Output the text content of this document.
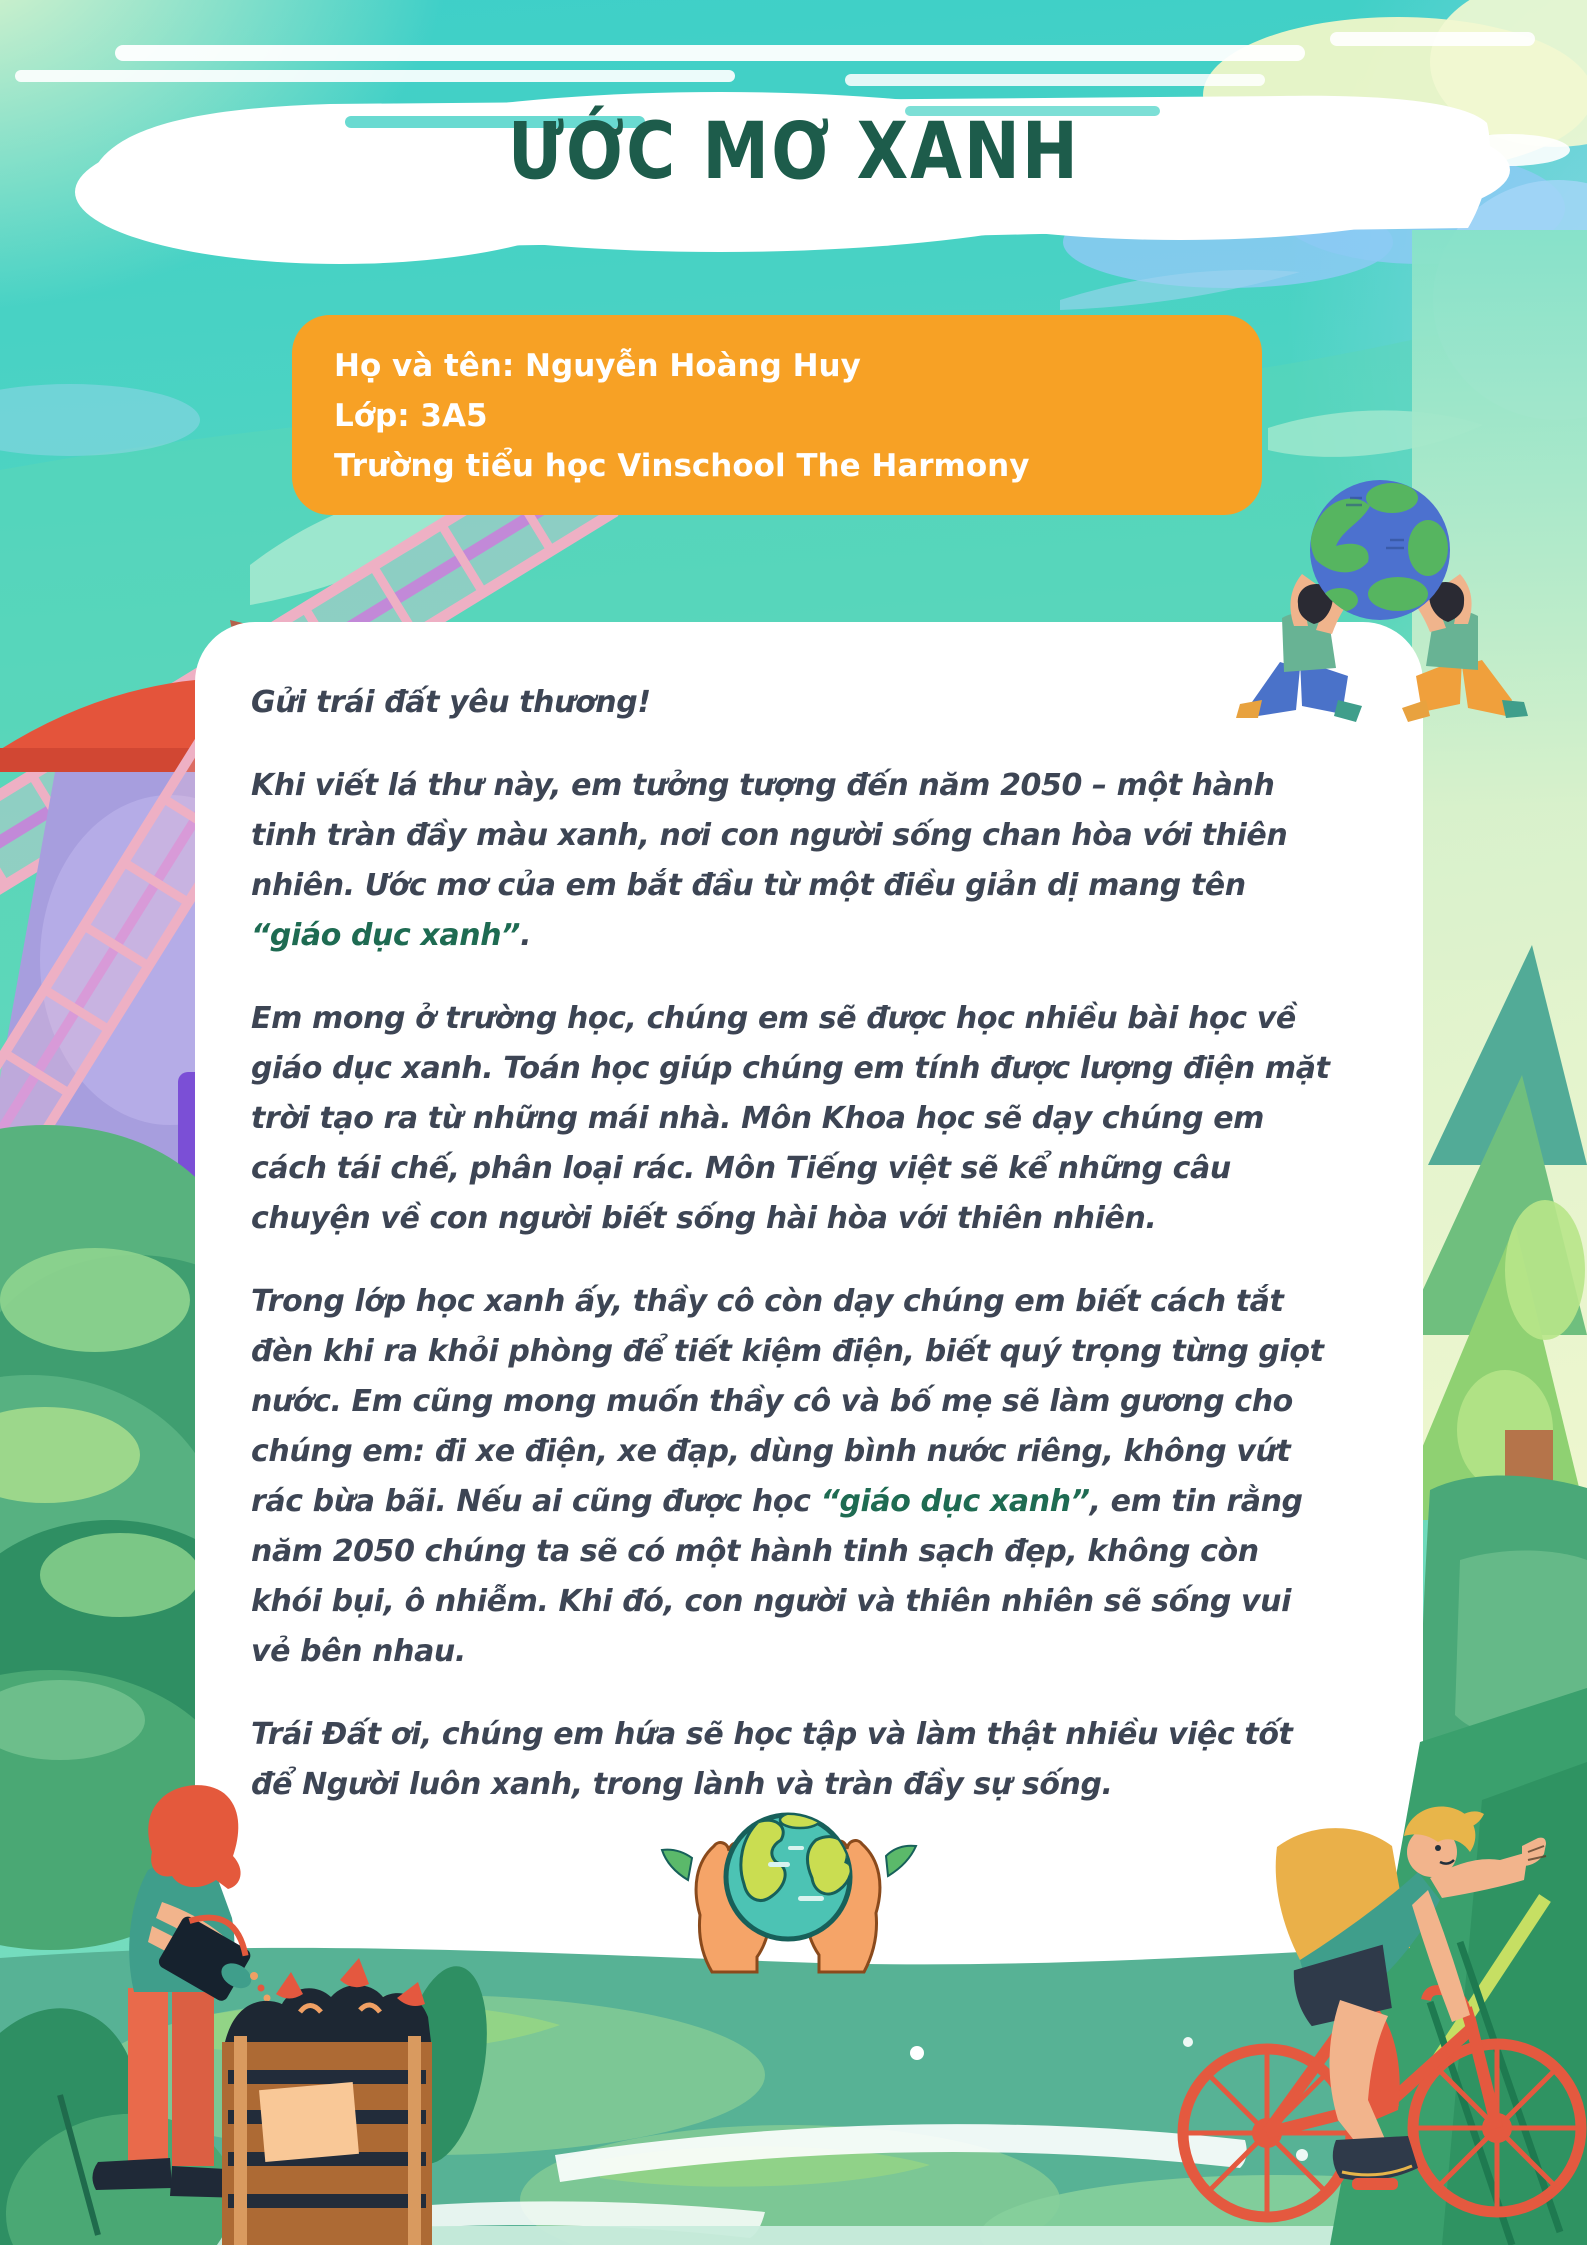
ƯỚC MƠ XANH
Họ và tên: Nguyễn Hoàng Huy
Lớp: 3A5
Trường tiểu học Vinschool The Harmony

Gửi trái đất yêu thương!

Khi viết lá thư này, em tưởng tượng đến năm 2050 – một hành tinh tràn đầy màu xanh, nơi con người sống chan hòa với thiên nhiên. Ước mơ của em bắt đầu từ một điều giản dị mang tên “giáo dục xanh”.

Em mong ở trường học, chúng em sẽ được học nhiều bài học về giáo dục xanh. Toán học giúp chúng em tính được lượng điện mặt trời tạo ra từ những mái nhà. Môn Khoa học sẽ dạy chúng em cách tái chế, phân loại rác. Môn Tiếng việt sẽ kể những câu chuyện về con người biết sống hài hòa với thiên nhiên.

Trong lớp học xanh ấy, thầy cô còn dạy chúng em biết cách tắt đèn khi ra khỏi phòng để tiết kiệm điện, biết quý trọng từng giọt nước. Em cũng mong muốn thầy cô và bố mẹ sẽ làm gương cho chúng em: đi xe điện, xe đạp, dùng bình nước riêng, không vứt rác bừa bãi. Nếu ai cũng được học “giáo dục xanh”, em tin rằng năm 2050 chúng ta sẽ có một hành tinh sạch đẹp, không còn khói bụi, ô nhiễm. Khi đó, con người và thiên nhiên sẽ sống vui vẻ bên nhau.

Trái Đất ơi, chúng em hứa sẽ học tập và làm thật nhiều việc tốt để Người luôn xanh, trong lành và tràn đầy sự sống.
